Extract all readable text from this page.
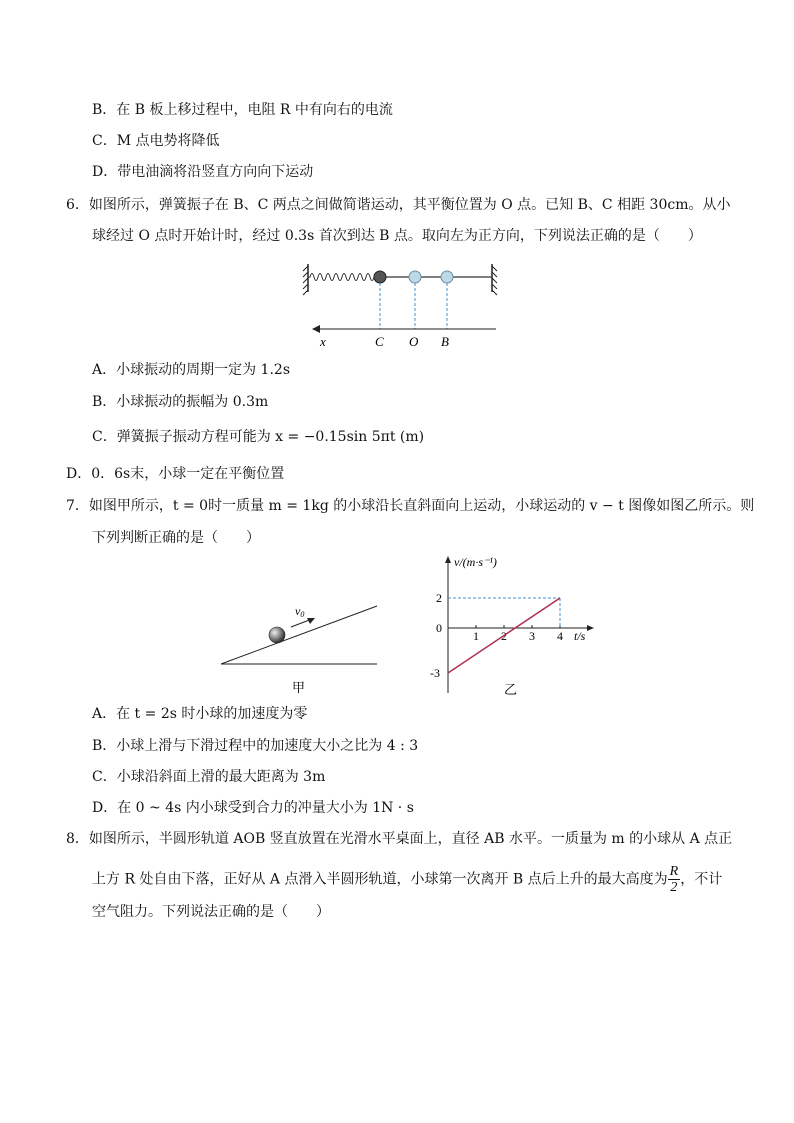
B．在 B 板上移过程中，电阻 R 中有向右的电流
C．M 点电势将降低
D．带电油滴将沿竖直方向向下运动
6．如图所示，弹簧振子在 B、C 两点之间做简谐运动，其平衡位置为 O 点。已知 B、C 相距 30cm。从小
球经过 O 点时开始计时，经过 0.3s 首次到达 B 点。取向左为正方向，下列说法正确的是（　　）
x	C O B
A．小球振动的周期一定为 1.2s
B．小球振动的振幅为 0.3m
C．弹簧振子振动方程可能为 x = −0.15sin 5πt (m)
D．0．6s末，小球一定在平衡位置
7．如图甲所示，t = 0时一质量 m = 1kg 的小球沿长直斜面向上运动，小球运动的 v − t 图像如图乙所示。则
下列判断正确的是（　　）
v0
甲
v/(m·s⁻¹)
t/s
1 2 3 4
2
0
-3
乙
A．在 t = 2s 时小球的加速度为零
B．小球上滑与下滑过程中的加速度大小之比为 4 : 3
C．小球沿斜面上滑的最大距离为 3m
D．在 0 ~ 4s 内小球受到合力的冲量大小为 1N · s
8．如图所示，半圆形轨道 AOB 竖直放置在光滑水平桌面上，直径 AB 水平。一质量为 m 的小球从 A 点正
上方 R 处自由下落，正好从 A 点滑入半圆形轨道，小球第一次离开 B 点后上升的最大高度为 $\frac{R}{2}$ ，不计
空气阻力。下列说法正确的是（　　）
